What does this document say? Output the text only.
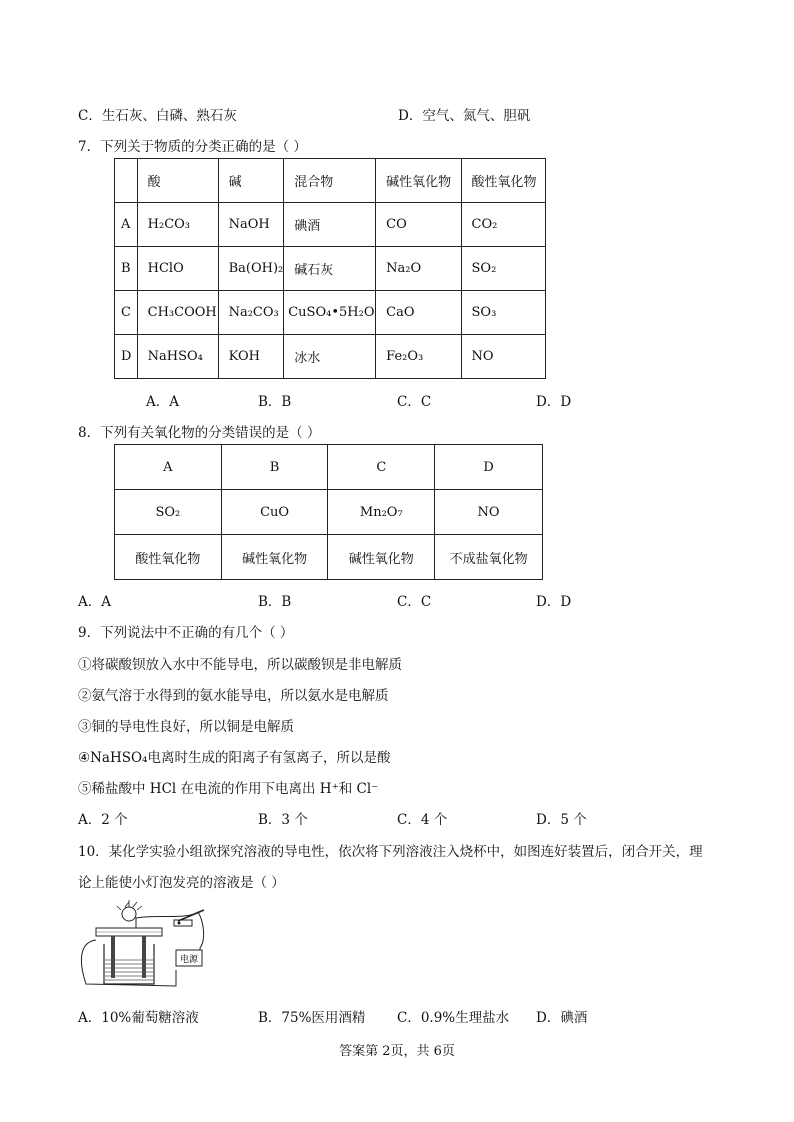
C．生石灰、白磷、熟石灰	D．空气、氮气、胆矾
7．下列关于物质的分类正确的是（ ）
	酸	碱	混合物	碱性氧化物	酸性氧化物
A	H₂CO₃	NaOH	碘酒	CO	CO₂
B	HClO	Ba(OH)₂	碱石灰	Na₂O	SO₂
C	CH₃COOH	Na₂CO₃	CuSO₄•5H₂O	CaO	SO₃
D	NaHSO₄	KOH	冰水	Fe₂O₃	NO
A．A	B．B	C．C	D．D
8．下列有关氧化物的分类错误的是（ ）
A	B	C	D
SO₂	CuO	Mn₂O₇	NO
酸性氧化物	碱性氧化物	碱性氧化物	不成盐氧化物
A．A	B．B	C．C	D．D
9．下列说法中不正确的有几个（ ）
①将碳酸钡放入水中不能导电，所以碳酸钡是非电解质
②氨气溶于水得到的氨水能导电，所以氨水是电解质
③铜的导电性良好，所以铜是电解质
④NaHSO₄电离时生成的阳离子有氢离子，所以是酸
⑤稀盐酸中 HCl 在电流的作用下电离出 H⁺和 Cl⁻
A．2 个	B．3 个	C．4 个	D．5 个
10．某化学实验小组欲探究溶液的导电性，依次将下列溶液注入烧杯中，如图连好装置后，闭合开关，理
论上能使小灯泡发亮的溶液是（ ）
电源
A．10%葡萄糖溶液	B．75%医用酒精 C．0.9%生理盐水 D．碘酒
答案第 2页，共 6页
